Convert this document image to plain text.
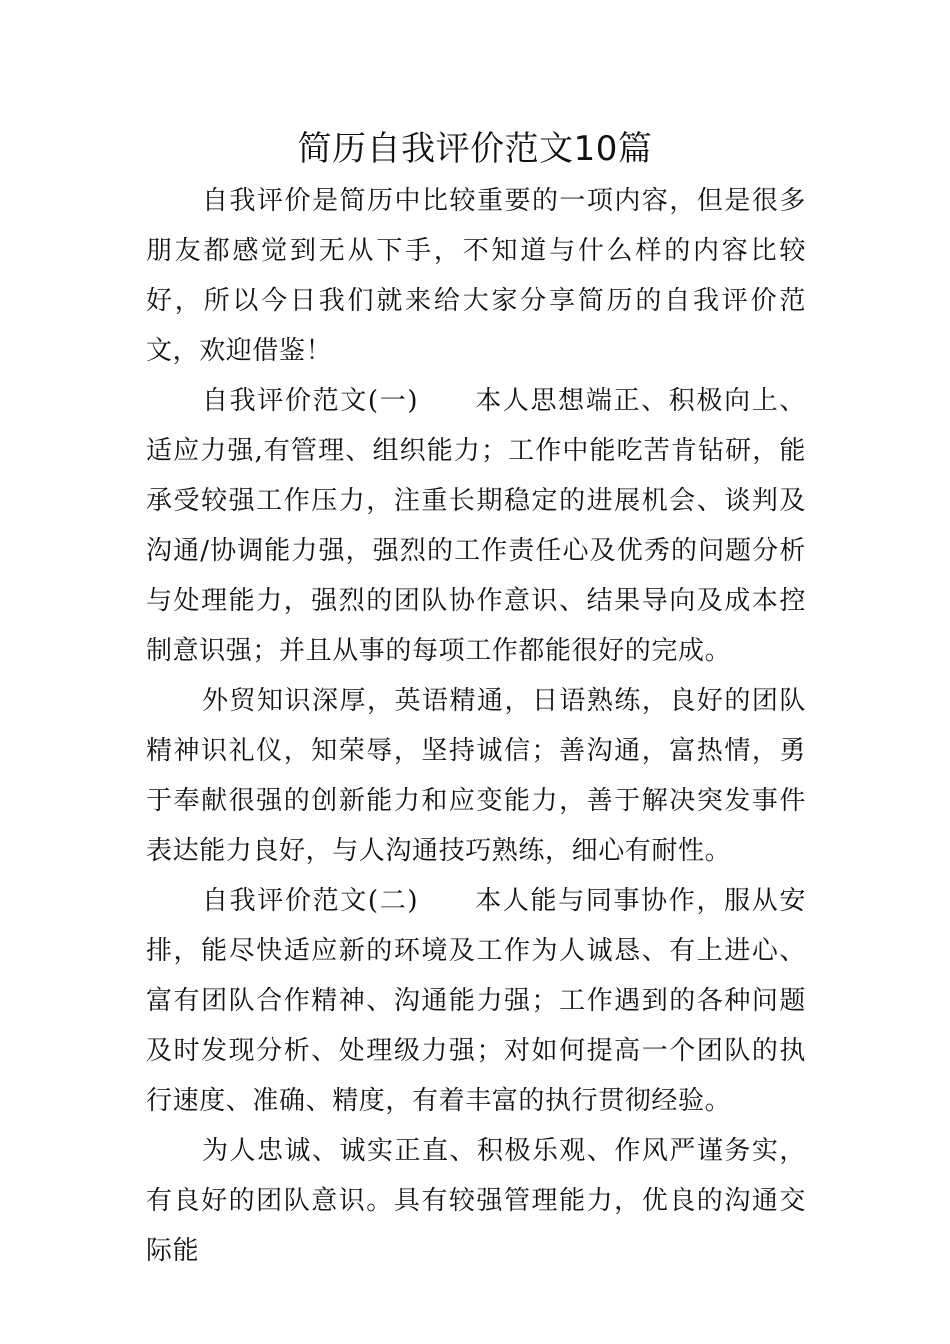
简历自我评价范文10篇

自我评价是简历中比较重要的一项内容，但是很多朋友都感觉到无从下手，不知道与什么样的内容比较好，所以今日我们就来给大家分享简历的自我评价范文，欢迎借鉴！

自我评价范文(一) 本人思想端正、积极向上、适应力强,有管理、组织能力；工作中能吃苦肯钻研，能承受较强工作压力，注重长期稳定的进展机会、谈判及沟通/协调能力强，强烈的工作责任心及优秀的问题分析与处理能力，强烈的团队协作意识、结果导向及成本控制意识强；并且从事的每项工作都能很好的完成。

外贸知识深厚，英语精通，日语熟练，良好的团队精神识礼仪，知荣辱，坚持诚信；善沟通，富热情，勇于奉献很强的创新能力和应变能力，善于解决突发事件表达能力良好，与人沟通技巧熟练，细心有耐性。

自我评价范文(二) 本人能与同事协作，服从安排，能尽快适应新的环境及工作为人诚恳、有上进心、富有团队合作精神、沟通能力强；工作遇到的各种问题及时发现分析、处理级力强；对如何提高一个团队的执行速度、准确、精度，有着丰富的执行贯彻经验。

为人忠诚、诚实正直、积极乐观、作风严谨务实，有良好的团队意识。具有较强管理能力，优良的沟通交际能
